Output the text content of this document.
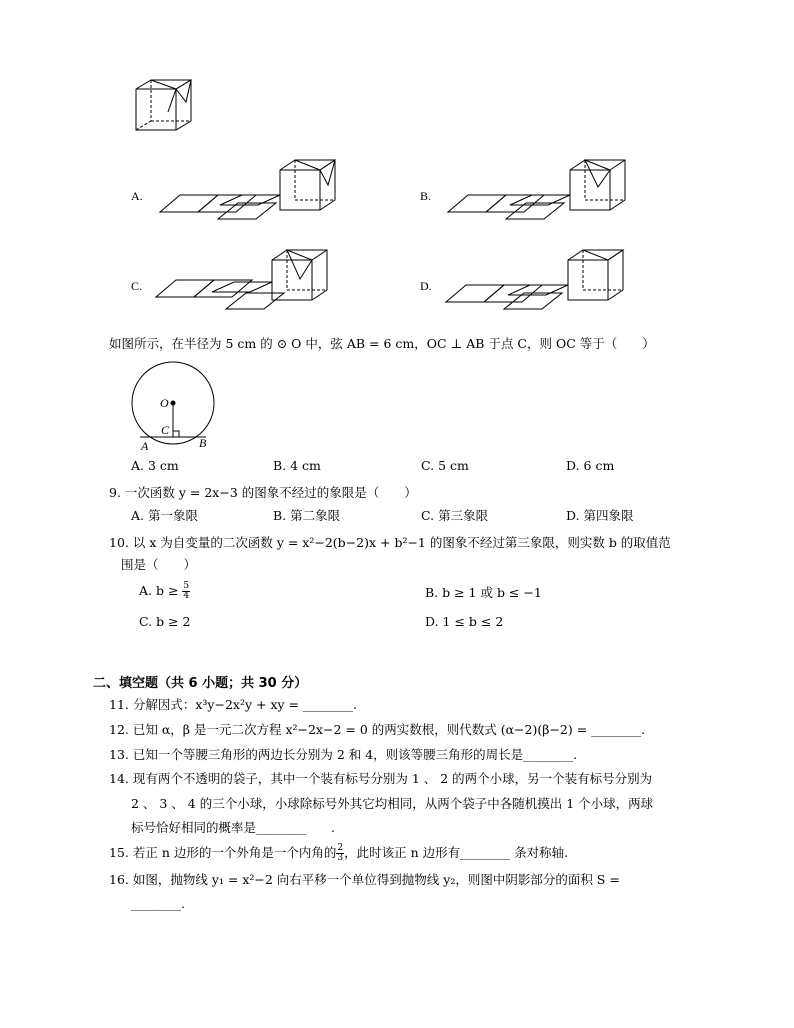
A.	B.
C.	D.
如图所示，在半径为 5 cm 的 ⊙ O 中，弦 AB = 6 cm，OC ⊥ AB 于点 C，则 OC 等于（　　）
O
C
A	B
A. 3 cm	B. 4 cm	C. 5 cm	D. 6 cm
9. 一次函数 y = 2x−3 的图象不经过的象限是（　　）
A. 第一象限	B. 第二象限	C. 第三象限	D. 第四象限
10. 以 x 为自变量的二次函数 y = x²−2(b−2)x + b²−1 的图象不经过第三象限，则实数 b 的取值范
围是（　　）
A. $b \ge \frac{5}{4}$	B. b ≥ 1 或 b ≤ −1
C. b ≥ 2	D. 1 ≤ b ≤ 2
二、填空题（共 6 小题；共 30 分）
11. 分解因式：x³y−2x²y + xy = ________.
12. 已知 α，β 是一元二次方程 x²−2x−2 = 0 的两实数根，则代数式 (α−2)(β−2) = ________.
13. 已知一个等腰三角形的两边长分别为 2 和 4，则该等腰三角形的周长是________.
14. 现有两个不透明的袋子，其中一个装有标号分别为 1 、 2 的两个小球，另一个装有标号分别为
2 、 3 、 4 的三个小球，小球除标号外其它均相同，从两个袋子中各随机摸出 1 个小球，两球
标号恰好相同的概率是________　　.
15. 若正 n 边形的一个外角是一个内角的 $\frac{2}{3}$ ，此时该正 n 边形有________ 条对称轴.
16. 如图，抛物线 y₁ = x²−2 向右平移一个单位得到抛物线 y₂，则图中阴影部分的面积 S =
________.
